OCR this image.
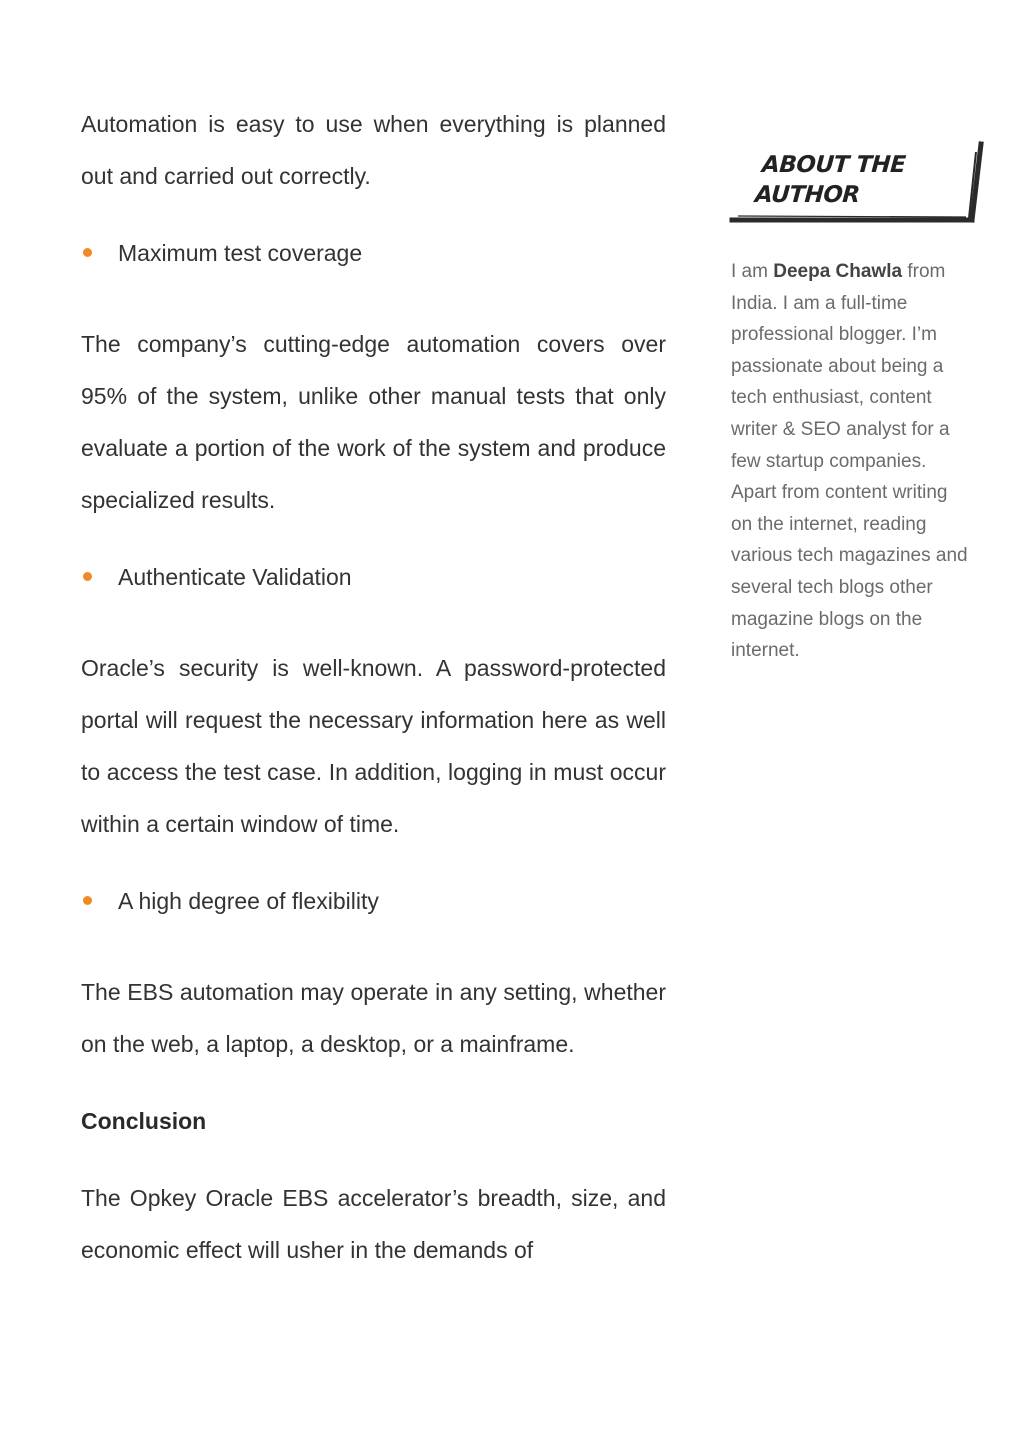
Automation is easy to use when everything is planned out and carried out correctly.

Maximum test coverage

The company’s cutting-edge automation covers over 95% of the system, unlike other manual tests that only evaluate a portion of the work of the system and produce specialized results.

Authenticate Validation

Oracle’s security is well-known. A password-protected portal will request the necessary information here as well to access the test case. In addition, logging in must occur within a certain window of time.

A high degree of flexibility

The EBS automation may operate in any setting, whether on the web, a laptop, a desktop, or a mainframe.

Conclusion

The Opkey Oracle EBS accelerator’s breadth, size, and economic effect will usher in the demands of

ABOUT THE
AUTHOR
I am Deepa Chawla from India. I am a full-time professional blogger. I’m passionate about being a tech enthusiast, content writer & SEO analyst for a few startup companies. Apart from content writing on the internet, reading various tech magazines and several tech blogs other magazine blogs on the internet.
